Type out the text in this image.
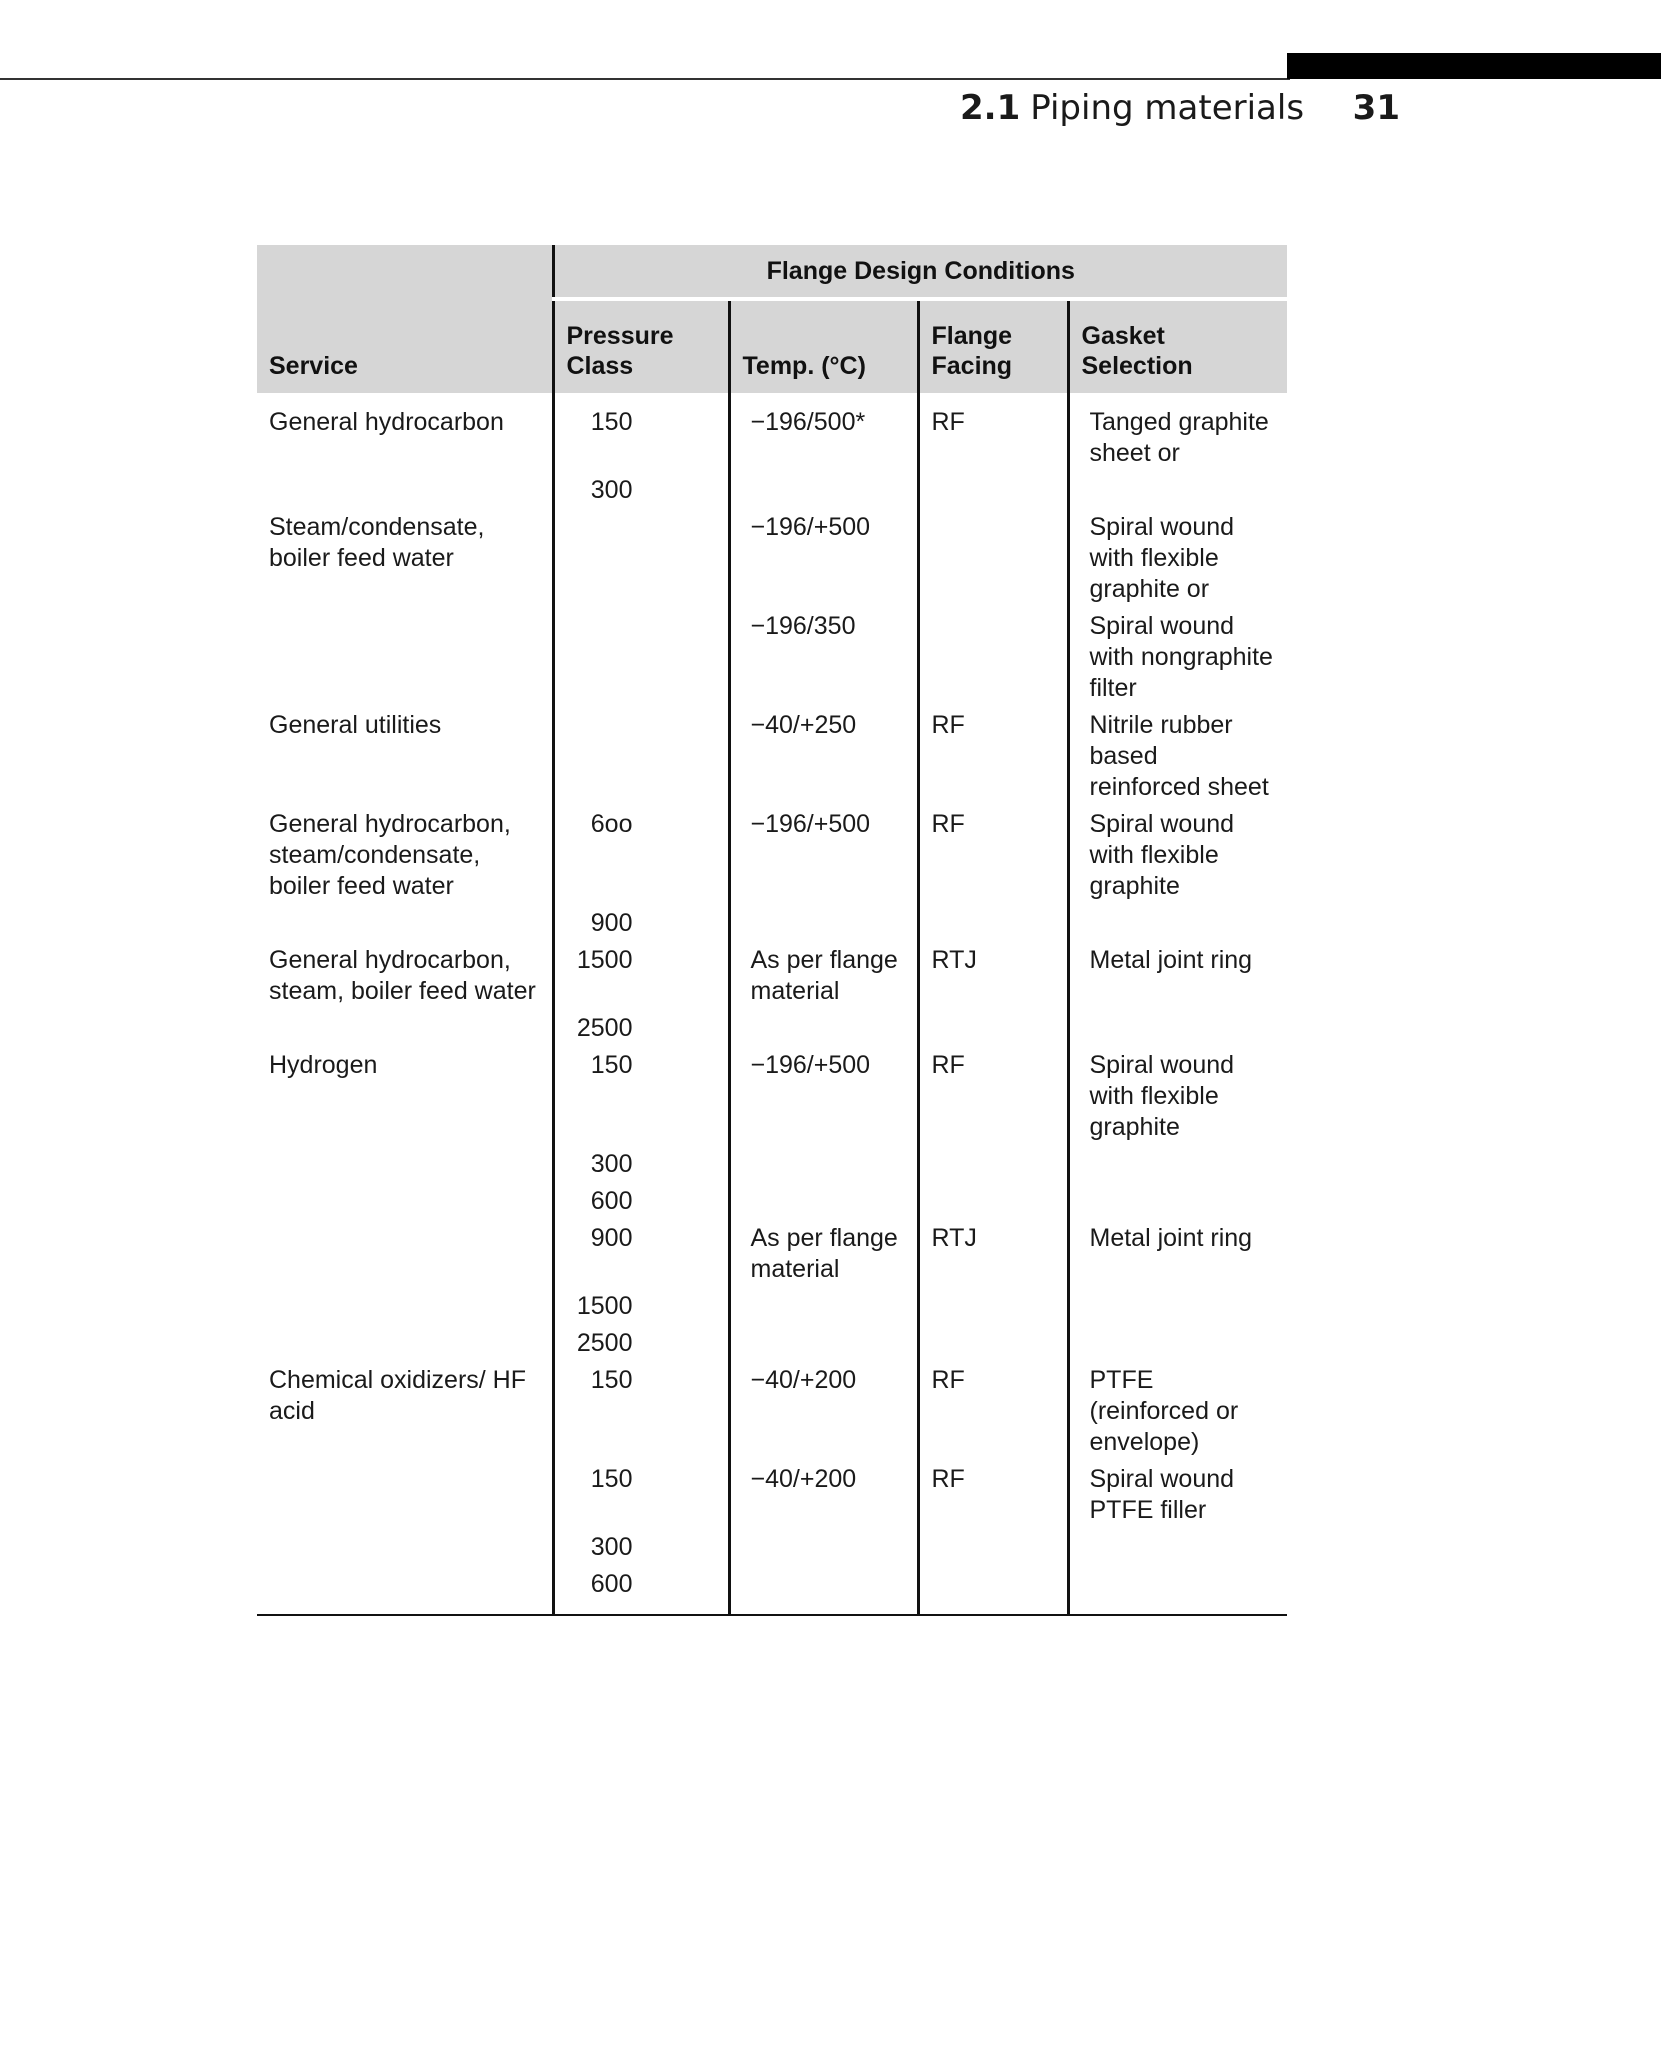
2.1 Piping materials	31
Service	Flange Design Conditions			
	Pressure Class	Temp. (°C)	Flange Facing	Gasket Selection
General hydrocarbon	150	−196/500*	RF	Tanged graphite sheet or
	300			
Steam/condensate, boiler feed water		−196/+500		Spiral wound with flexible graphite or
		−196/350		Spiral wound with nongraphite filter
General utilities		−40/+250	RF	Nitrile rubber based reinforced sheet
General hydrocarbon, steam/condensate, boiler feed water	6oo	−196/+500	RF	Spiral wound with flexible graphite
	900			
General hydrocarbon, steam, boiler feed water	1500	As per flange material	RTJ	Metal joint ring
	2500			
Hydrogen	150	−196/+500	RF	Spiral wound with flexible graphite
	300			
	600			
	900	As per flange material	RTJ	Metal joint ring
	1500			
	2500			
Chemical oxidizers/ HF acid	150	−40/+200	RF	PTFE (reinforced or envelope)
	150	−40/+200	RF	Spiral wound PTFE filler
	300			
	600			
